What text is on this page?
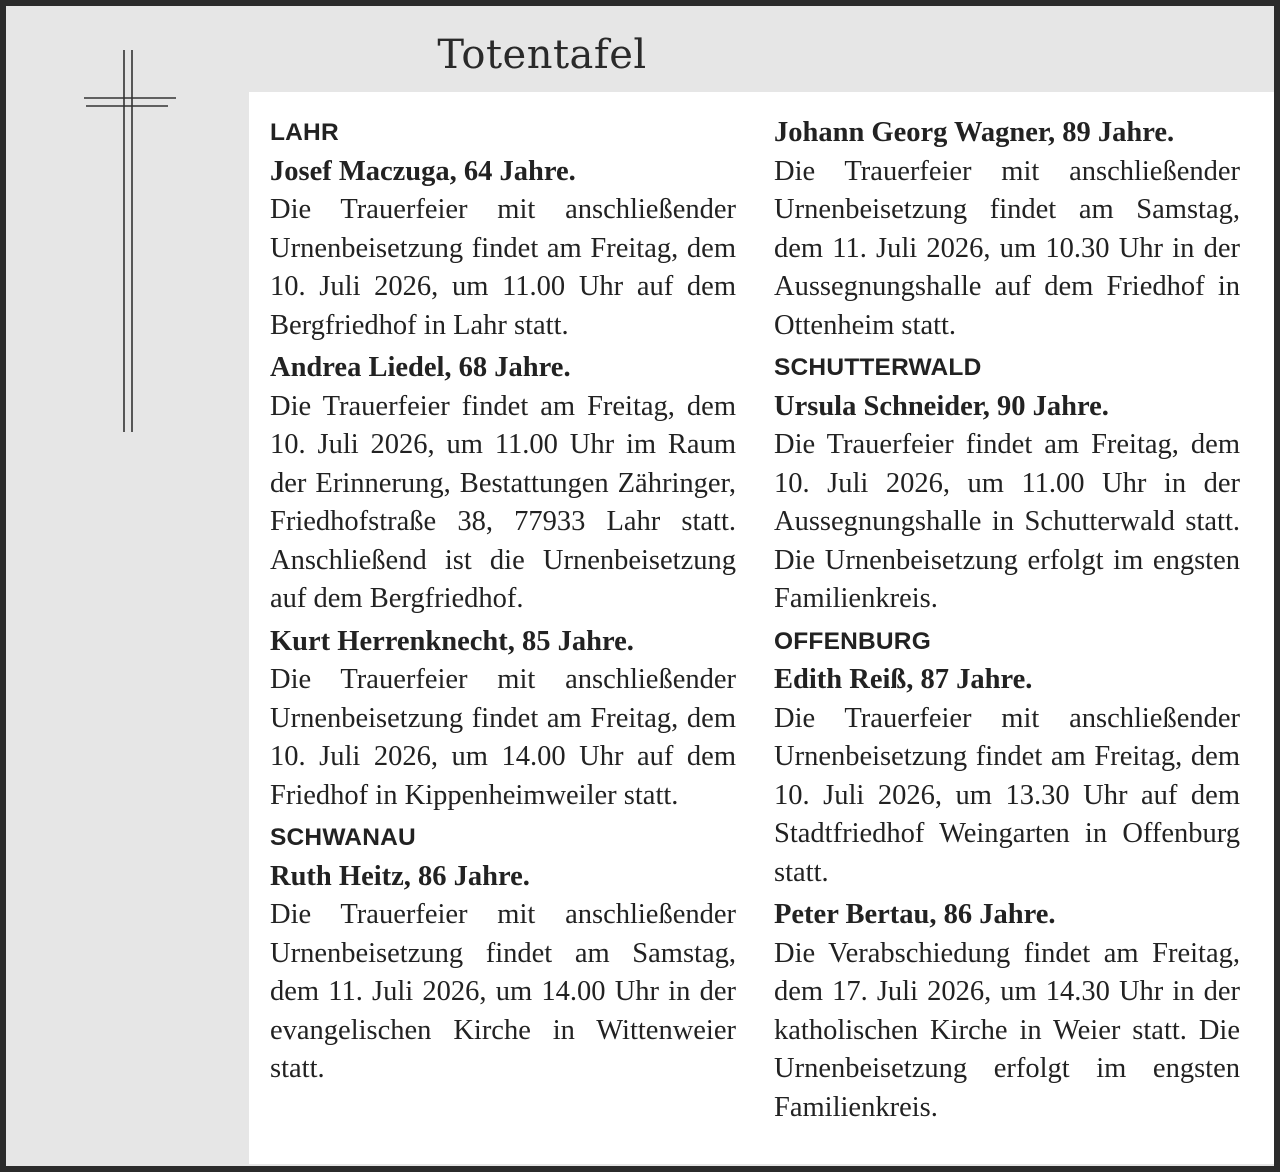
Totentafel
LAHR
Josef Maczuga, 64 Jahre.
Die Trauerfeier mit anschließender Urnenbeisetzung findet am Freitag, dem 10. Juli 2026, um 11.00 Uhr auf dem Bergfriedhof in Lahr statt.
Andrea Liedel, 68 Jahre.
Die Trauerfeier findet am Freitag, dem 10. Juli 2026, um 11.00 Uhr im Raum der Erinnerung, Bestattungen Zähringer, Friedhofstraße 38, 77933 Lahr statt. Anschließend ist die Urnenbeisetzung auf dem Bergfriedhof.
Kurt Herrenknecht, 85 Jahre.
Die Trauerfeier mit anschließender Urnenbeisetzung findet am Freitag, dem 10. Juli 2026, um 14.00 Uhr auf dem Friedhof in Kippenheimweiler statt.
SCHWANAU
Ruth Heitz, 86 Jahre.
Die Trauerfeier mit anschließender Urnenbeisetzung findet am Samstag, dem 11. Juli 2026, um 14.00 Uhr in der evangelischen Kirche in Wittenweier statt.
Johann Georg Wagner, 89 Jahre.
Die Trauerfeier mit anschließender Urnenbeisetzung findet am Samstag, dem 11. Juli 2026, um 10.30 Uhr in der Aussegnungshalle auf dem Friedhof in Ottenheim statt.
SCHUTTERWALD
Ursula Schneider, 90 Jahre.
Die Trauerfeier findet am Freitag, dem 10. Juli 2026, um 11.00 Uhr in der Aussegnungshalle in Schutterwald statt. Die Urnenbeisetzung erfolgt im engsten Familienkreis.
OFFENBURG
Edith Reiß, 87 Jahre.
Die Trauerfeier mit anschließender Urnenbeisetzung findet am Freitag, dem 10. Juli 2026, um 13.30 Uhr auf dem Stadtfriedhof Weingarten in Offenburg statt.
Peter Bertau, 86 Jahre.
Die Verabschiedung findet am Freitag, dem 17. Juli 2026, um 14.30 Uhr in der katholischen Kirche in Weier statt. Die Urnenbeisetzung erfolgt im engsten Familienkreis.
